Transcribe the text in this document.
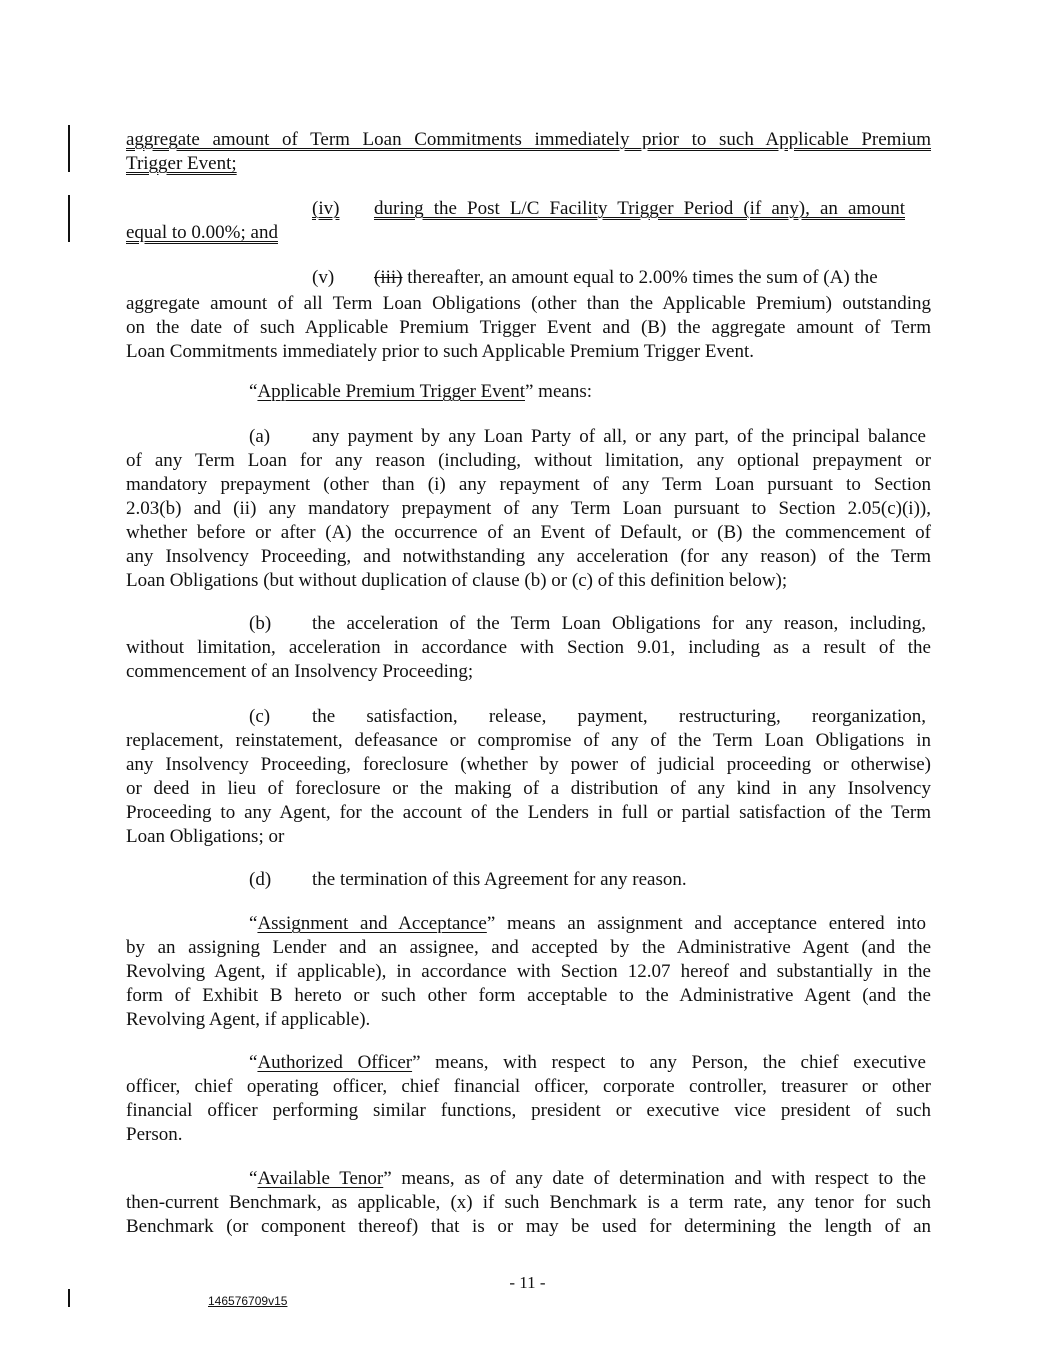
aggregate amount of Term Loan Commitments immediately prior to such Applicable Premium
Trigger Event;
(iv) during the Post L/C Facility Trigger Period (if any), an amount
equal to 0.00%; and
(v) (iii) thereafter, an amount equal to 2.00% times the sum of (A) the
aggregate amount of all Term Loan Obligations (other than the Applicable Premium) outstanding
on the date of such Applicable Premium Trigger Event and (B) the aggregate amount of Term
Loan Commitments immediately prior to such Applicable Premium Trigger Event.
“Applicable Premium Trigger Event” means:
(a) any payment by any Loan Party of all, or any part, of the principal balance
of any Term Loan for any reason (including, without limitation, any optional prepayment or
mandatory prepayment (other than (i) any repayment of any Term Loan pursuant to Section
2.03(b) and (ii) any mandatory prepayment of any Term Loan pursuant to Section 2.05(c)(i)),
whether before or after (A) the occurrence of an Event of Default, or (B) the commencement of
any Insolvency Proceeding, and notwithstanding any acceleration (for any reason) of the Term
Loan Obligations (but without duplication of clause (b) or (c) of this definition below);
(b) the acceleration of the Term Loan Obligations for any reason, including,
without limitation, acceleration in accordance with Section 9.01, including as a result of the
commencement of an Insolvency Proceeding;
(c) the satisfaction, release, payment, restructuring, reorganization,
replacement, reinstatement, defeasance or compromise of any of the Term Loan Obligations in
any Insolvency Proceeding, foreclosure (whether by power of judicial proceeding or otherwise)
or deed in lieu of foreclosure or the making of a distribution of any kind in any Insolvency
Proceeding to any Agent, for the account of the Lenders in full or partial satisfaction of the Term
Loan Obligations; or
(d) the termination of this Agreement for any reason.
“Assignment and Acceptance” means an assignment and acceptance entered into
by an assigning Lender and an assignee, and accepted by the Administrative Agent (and the
Revolving Agent, if applicable), in accordance with Section 12.07 hereof and substantially in the
form of Exhibit B hereto or such other form acceptable to the Administrative Agent (and the
Revolving Agent, if applicable).
“Authorized Officer” means, with respect to any Person, the chief executive
officer, chief operating officer, chief financial officer, corporate controller, treasurer or other
financial officer performing similar functions, president or executive vice president of such
Person.
“Available Tenor” means, as of any date of determination and with respect to the
then-current Benchmark, as applicable, (x) if such Benchmark is a term rate, any tenor for such
Benchmark (or component thereof) that is or may be used for determining the length of an
- 11 -
146576709v15
